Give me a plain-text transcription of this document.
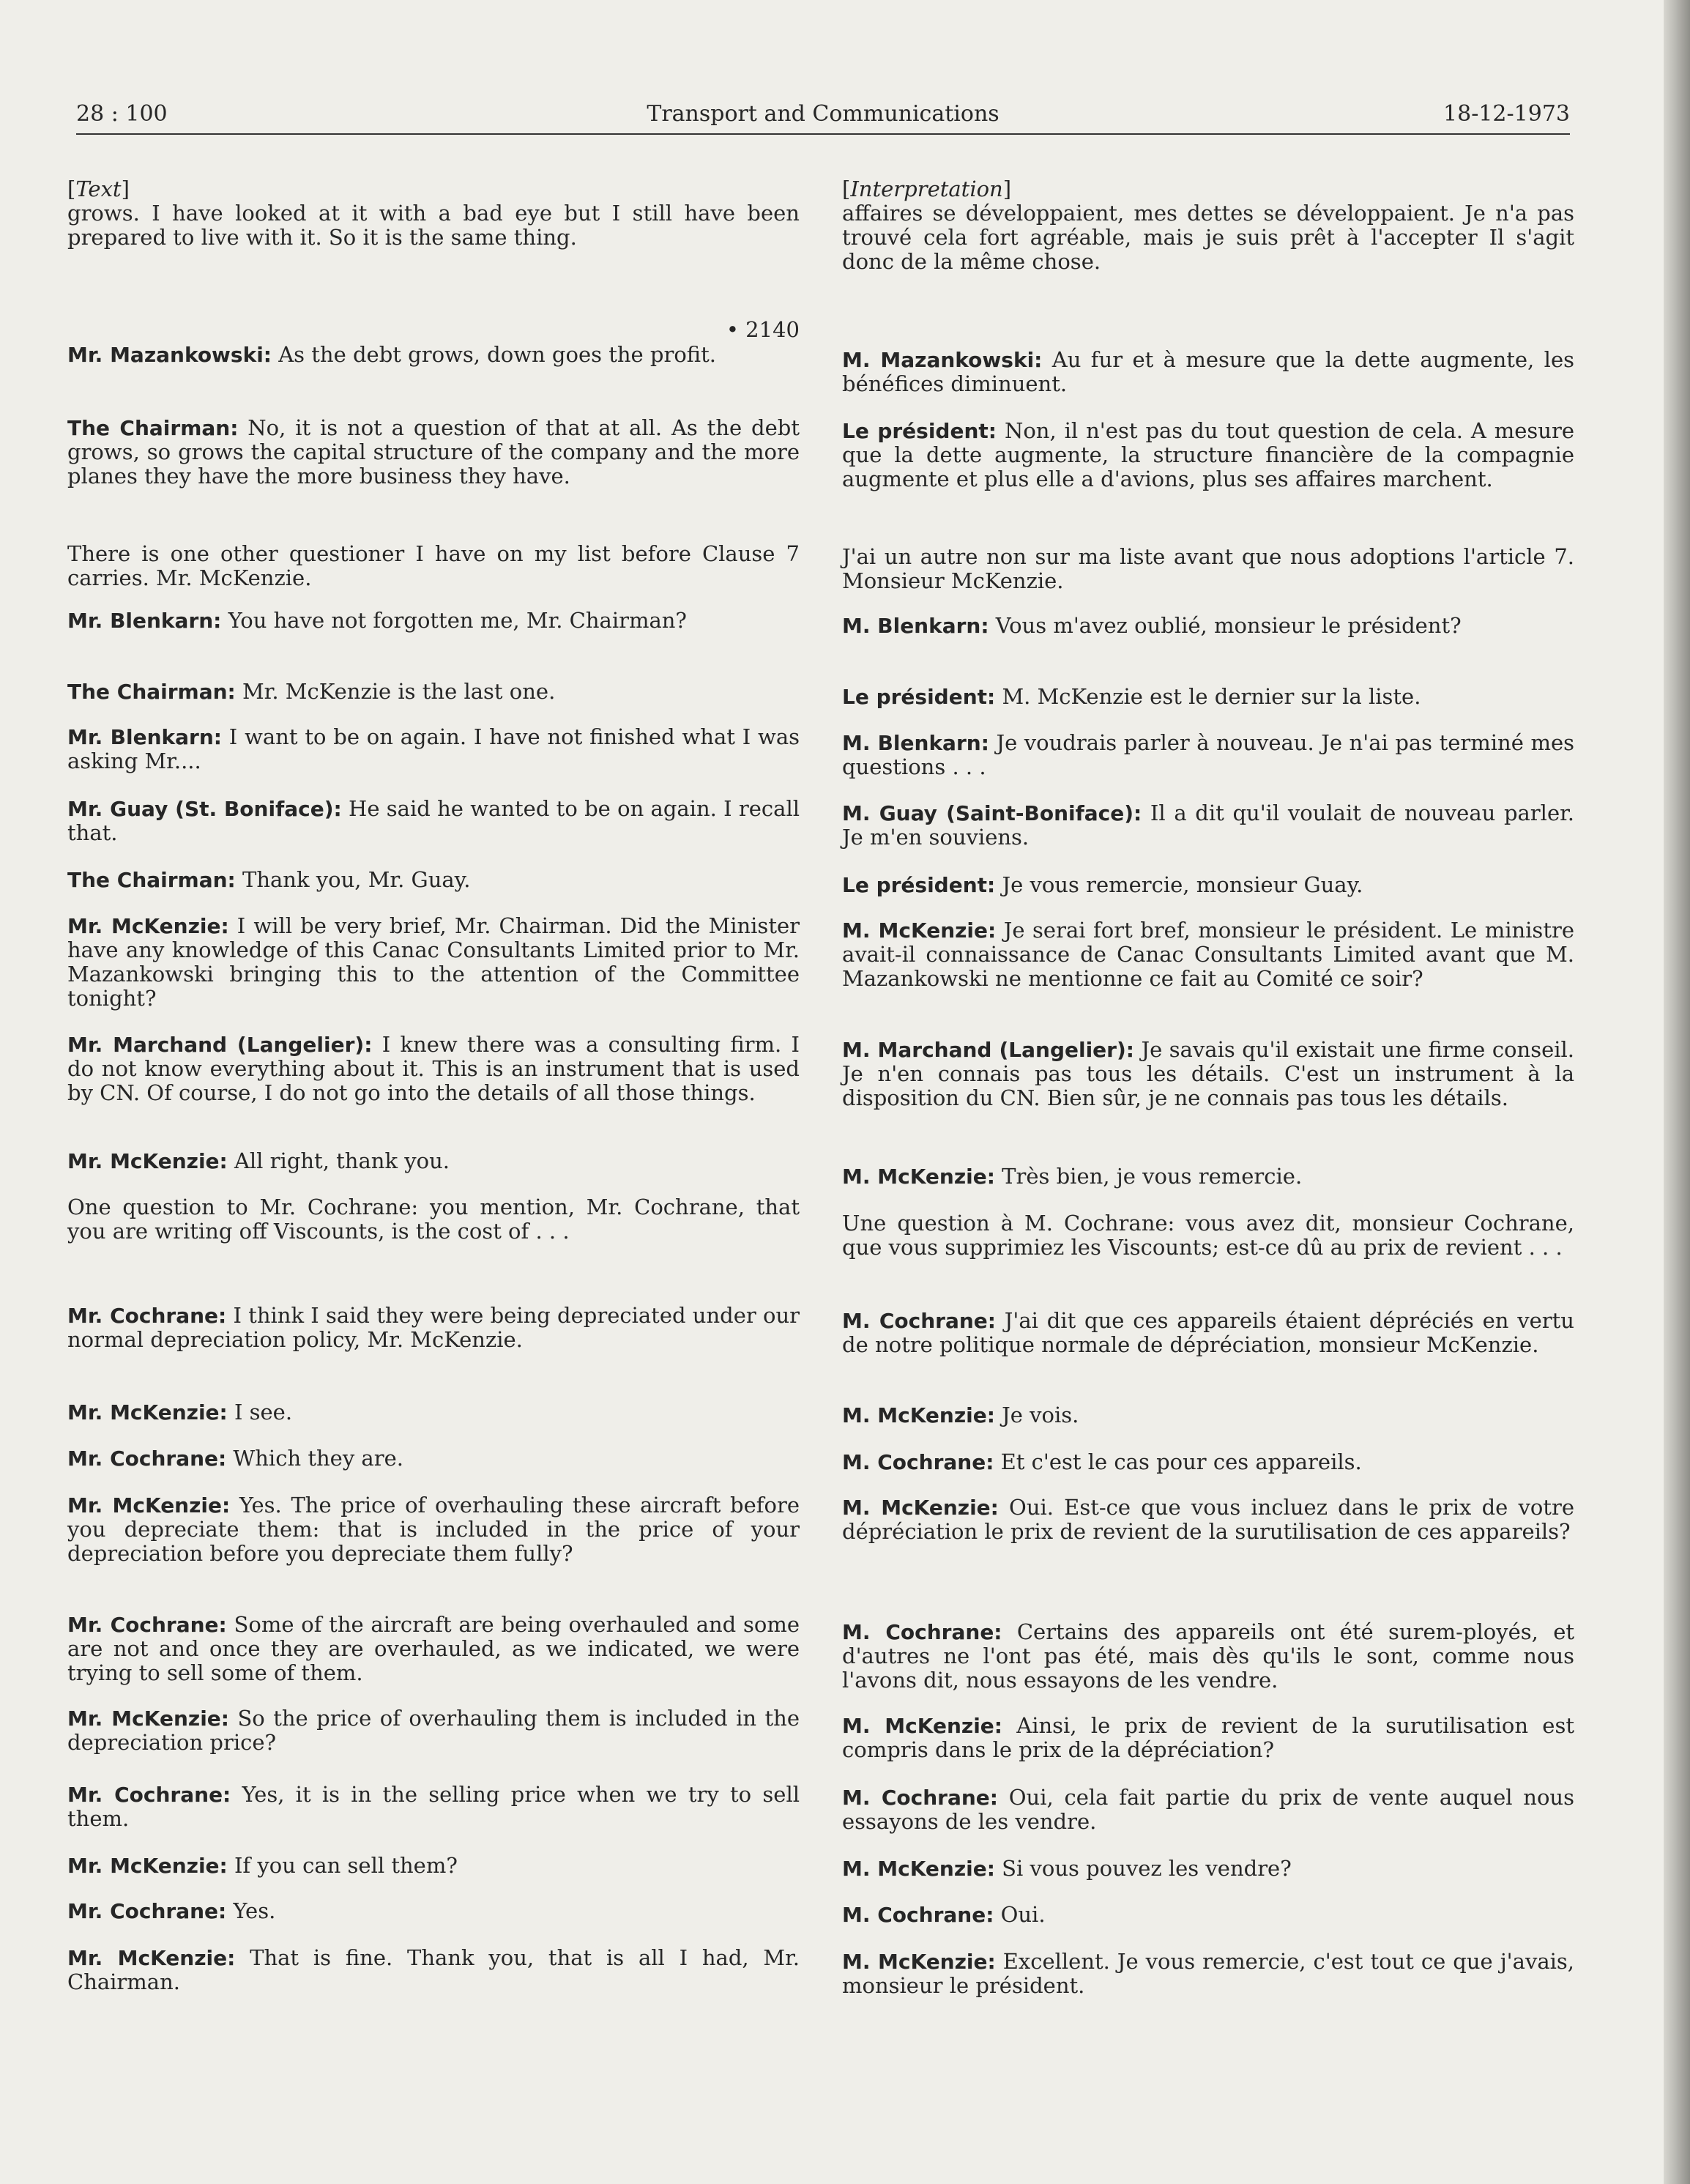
28 : 100	Transport and Communications	18-12-1973
[Text]
grows. I have looked at it with a bad eye but I still have been prepared to live with it. So it is the same thing.
• 2140
Mr. Mazankowski: As the debt grows, down goes the profit.
The Chairman: No, it is not a question of that at all. As the debt grows, so grows the capital structure of the company and the more planes they have the more business they have.
There is one other questioner I have on my list before Clause 7 carries. Mr. McKenzie.
Mr. Blenkarn: You have not forgotten me, Mr. Chairman?
The Chairman: Mr. McKenzie is the last one.
Mr. Blenkarn: I want to be on again. I have not finished what I was asking Mr....
Mr. Guay (St. Boniface): He said he wanted to be on again. I recall that.
The Chairman: Thank you, Mr. Guay.
Mr. McKenzie: I will be very brief, Mr. Chairman. Did the Minister have any knowledge of this Canac Consultants Limited prior to Mr. Mazankowski bringing this to the attention of the Committee tonight?
Mr. Marchand (Langelier): I knew there was a consulting firm. I do not know everything about it. This is an instrument that is used by CN. Of course, I do not go into the details of all those things.
Mr. McKenzie: All right, thank you.
One question to Mr. Cochrane: you mention, Mr. Cochrane, that you are writing off Viscounts, is the cost of . . .
Mr. Cochrane: I think I said they were being depreciated under our normal depreciation policy, Mr. McKenzie.
Mr. McKenzie: I see.
Mr. Cochrane: Which they are.
Mr. McKenzie: Yes. The price of overhauling these aircraft before you depreciate them: that is included in the price of your depreciation before you depreciate them fully?
Mr. Cochrane: Some of the aircraft are being overhauled and some are not and once they are overhauled, as we indicated, we were trying to sell some of them.
Mr. McKenzie: So the price of overhauling them is included in the depreciation price?
Mr. Cochrane: Yes, it is in the selling price when we try to sell them.
Mr. McKenzie: If you can sell them?
Mr. Cochrane: Yes.
Mr. McKenzie: That is fine. Thank you, that is all I had, Mr. Chairman.
[Interpretation]
affaires se développaient, mes dettes se développaient. Je n'a pas trouvé cela fort agréable, mais je suis prêt à l'accepter Il s'agit donc de la même chose.
M. Mazankowski: Au fur et à mesure que la dette augmente, les bénéfices diminuent.
Le président: Non, il n'est pas du tout question de cela. A mesure que la dette augmente, la structure financière de la compagnie augmente et plus elle a d'avions, plus ses affaires marchent.
J'ai un autre non sur ma liste avant que nous adoptions l'article 7. Monsieur McKenzie.
M. Blenkarn: Vous m'avez oublié, monsieur le président?
Le président: M. McKenzie est le dernier sur la liste.
M. Blenkarn: Je voudrais parler à nouveau. Je n'ai pas terminé mes questions . . .
M. Guay (Saint-Boniface): Il a dit qu'il voulait de nouveau parler. Je m'en souviens.
Le président: Je vous remercie, monsieur Guay.
M. McKenzie: Je serai fort bref, monsieur le président. Le ministre avait-il connaissance de Canac Consultants Limited avant que M. Mazankowski ne mentionne ce fait au Comité ce soir?
M. Marchand (Langelier): Je savais qu'il existait une firme conseil. Je n'en connais pas tous les détails. C'est un instrument à la disposition du CN. Bien sûr, je ne connais pas tous les détails.
M. McKenzie: Très bien, je vous remercie.
Une question à M. Cochrane: vous avez dit, monsieur Cochrane, que vous supprimiez les Viscounts; est-ce dû au prix de revient . . .
M. Cochrane: J'ai dit que ces appareils étaient dépréciés en vertu de notre politique normale de dépréciation, monsieur McKenzie.
M. McKenzie: Je vois.
M. Cochrane: Et c'est le cas pour ces appareils.
M. McKenzie: Oui. Est-ce que vous incluez dans le prix de votre dépréciation le prix de revient de la surutilisation de ces appareils?
M. Cochrane: Certains des appareils ont été surem-ployés, et d'autres ne l'ont pas été, mais dès qu'ils le sont, comme nous l'avons dit, nous essayons de les vendre.
M. McKenzie: Ainsi, le prix de revient de la surutilisation est compris dans le prix de la dépréciation?
M. Cochrane: Oui, cela fait partie du prix de vente auquel nous essayons de les vendre.
M. McKenzie: Si vous pouvez les vendre?
M. Cochrane: Oui.
M. McKenzie: Excellent. Je vous remercie, c'est tout ce que j'avais, monsieur le président.
